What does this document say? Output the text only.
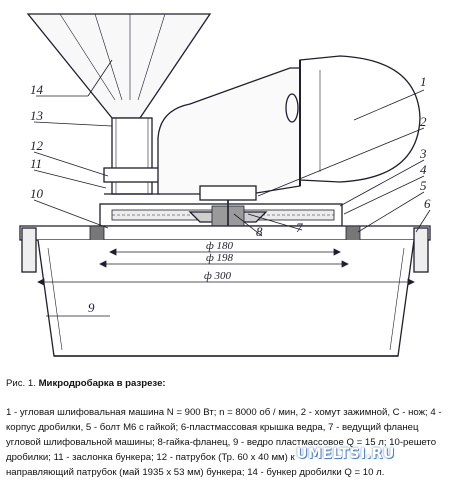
14
13
12
11
10
9
1
2
3
4
5
6
7
8
ф 180
ф 198
ф 300
Рис. 1. Микродробарка в разрезе:
1 - угловая шлифовальная машина N = 900 Вт; n = 8000 об / мин, 2 - хомут зажимной, C - нож; 4 -
корпус дробилки, 5 - болт М6 с гайкой; 6-пластмассовая крышка ведра, 7 - ведущий фланец
угловой шлифовальной машины; 8-гайка-фланец, 9 - ведро пластмассовое Q = 15 л; 10-решето
дробилки; 11 - заслонка бункера; 12 - патрубок (Тр. 60 х 40 мм) к
направляющий патрубок (май 1935 х 53 мм) бункера; 14 - бункер дробилки Q = 10 л.
UMELTSI.RU
